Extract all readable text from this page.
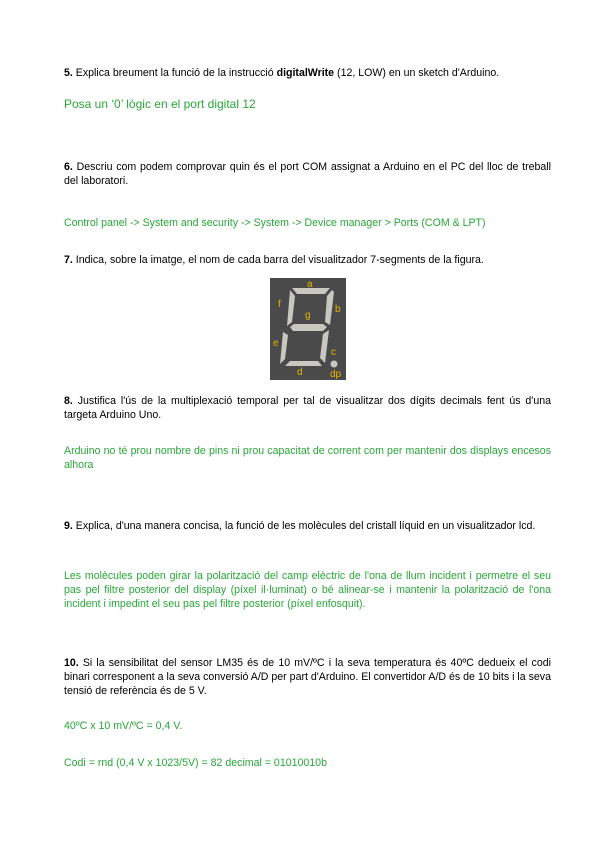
5. Explica breument la funció de la instrucció digitalWrite (12, LOW) en un sketch d'Arduino.
Posa un ‘0’ lògic en el port digital 12
6. Descriu com podem comprovar quin és el port COM assignat a Arduino en el PC del lloc de treball del laboratori.
Control panel -> System and security -> System -> Device manager > Ports (COM & LPT)
7. Indica, sobre la imatge, el nom de cada barra del visualitzador 7-segments de la figura.
a
b
c
d
e
f
g
dp
8. Justifica l'ús de la multiplexació temporal per tal de visualitzar dos dígits decimals fent ús d'una targeta Arduino Uno.
Arduino no té prou nombre de pins ni prou capacitat de corrent com per mantenir dos displays encesos alhora
9. Explica, d'una manera concisa, la funció de les molècules del cristall líquid en un visualitzador lcd.
Les molècules poden girar la polarització del camp elèctric de l'ona de llum incident i permetre el seu pas pel filtre posterior del display (píxel il·luminat) o bé alinear-se i mantenir la polarització de l'ona incident i impedint el seu pas pel filtre posterior (píxel enfosquit).
10. Si la sensibilitat del sensor LM35 és de 10 mV/ºC i la seva temperatura és 40ºC dedueix el codi binari corresponent a la seva conversió A/D per part d'Arduino. El convertidor A/D és de 10 bits i la seva tensió de referència és de 5 V.
40ºC x 10 mV/ºC = 0,4 V.
Codi = rnd (0,4 V x 1023/5V) = 82 decimal = 01010010b
